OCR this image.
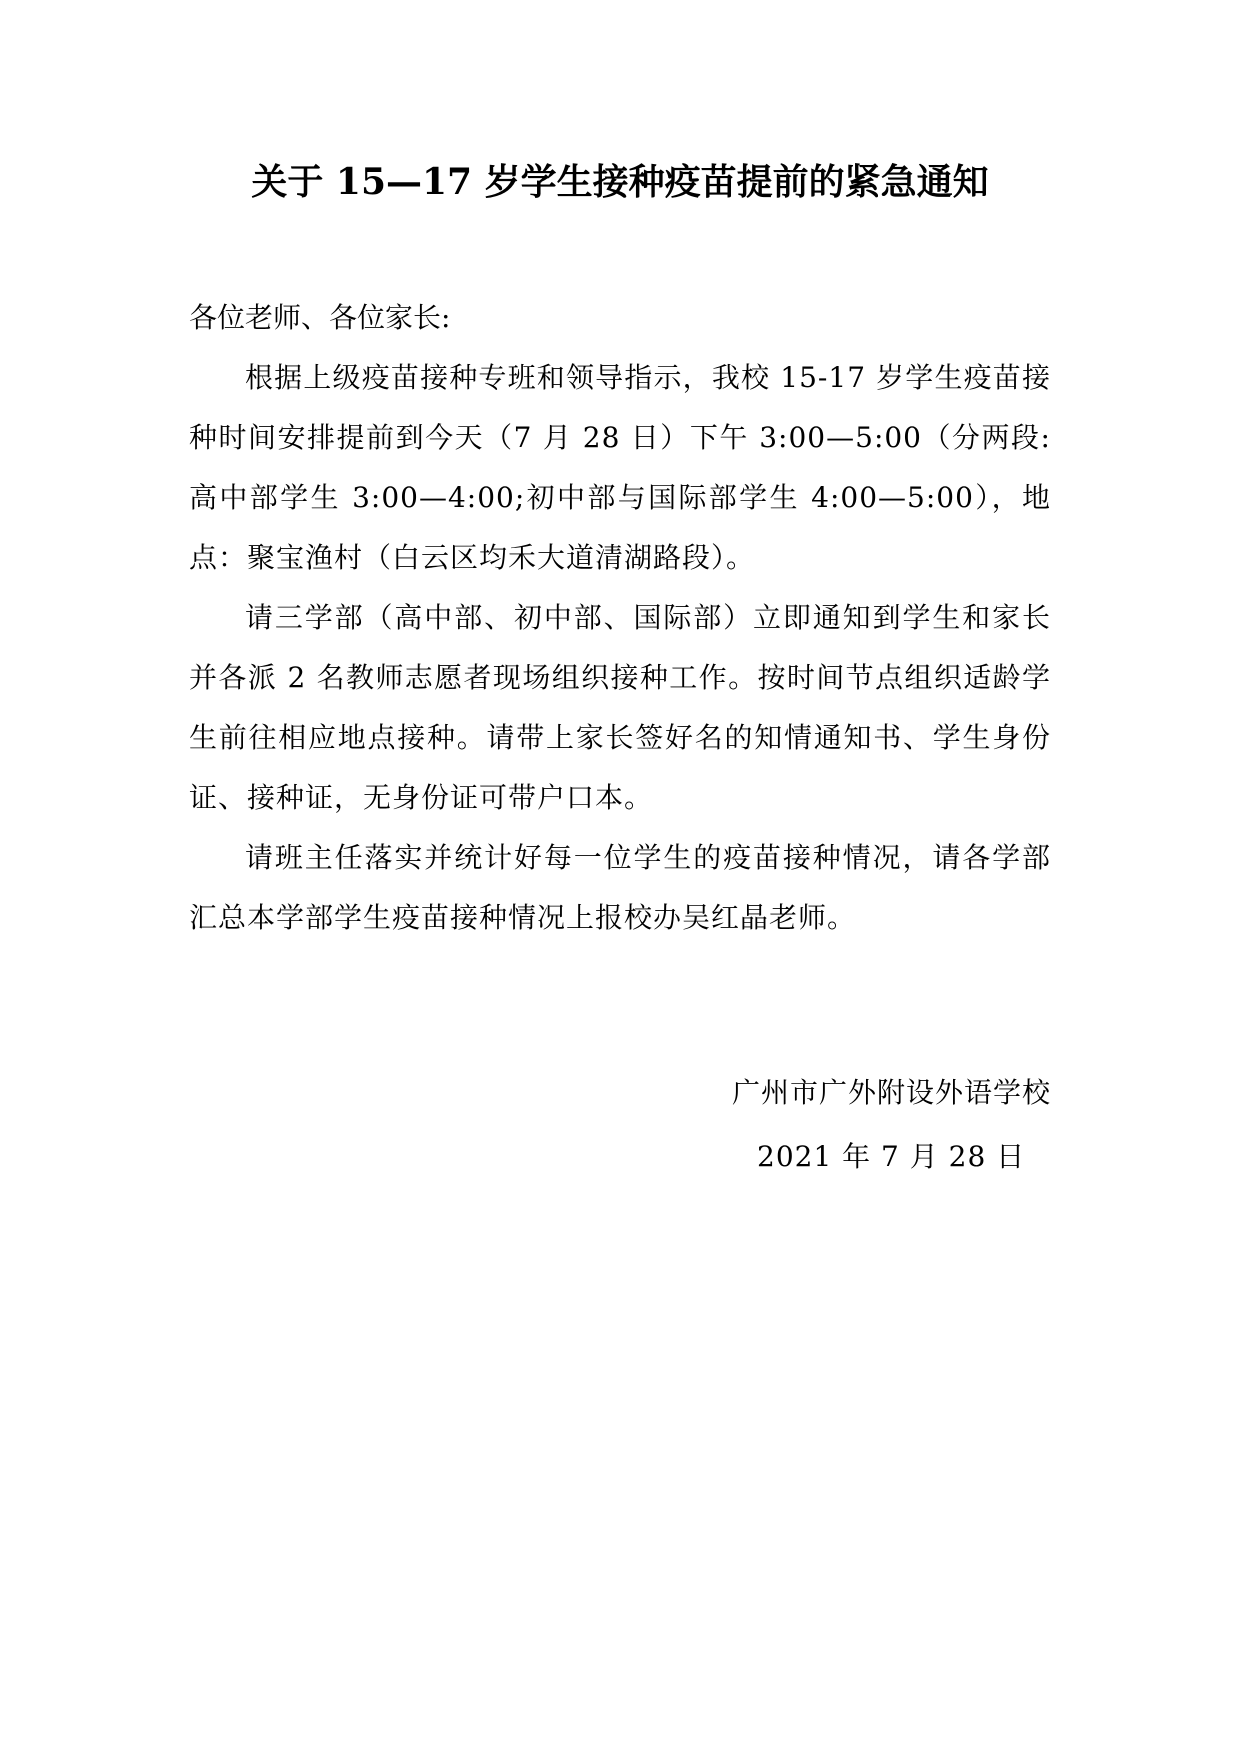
关于 15—17 岁学生接种疫苗提前的紧急通知

各位老师、各位家长:

根据上级疫苗接种专班和领导指示，我校 15-17 岁学生疫苗接种时间安排提前到今天（7 月 28 日）下午 3:00—5:00（分两段:高中部学生 3:00—4:00;初中部与国际部学生 4:00—5:00），地点：聚宝渔村（白云区均禾大道清湖路段）。

请三学部（高中部、初中部、国际部）立即通知到学生和家长并各派 2 名教师志愿者现场组织接种工作。按时间节点组织适龄学生前往相应地点接种。请带上家长签好名的知情通知书、学生身份证、接种证，无身份证可带户口本。

请班主任落实并统计好每一位学生的疫苗接种情况，请各学部汇总本学部学生疫苗接种情况上报校办吴红晶老师。

广州市广外附设外语学校
2021 年 7 月 28 日
